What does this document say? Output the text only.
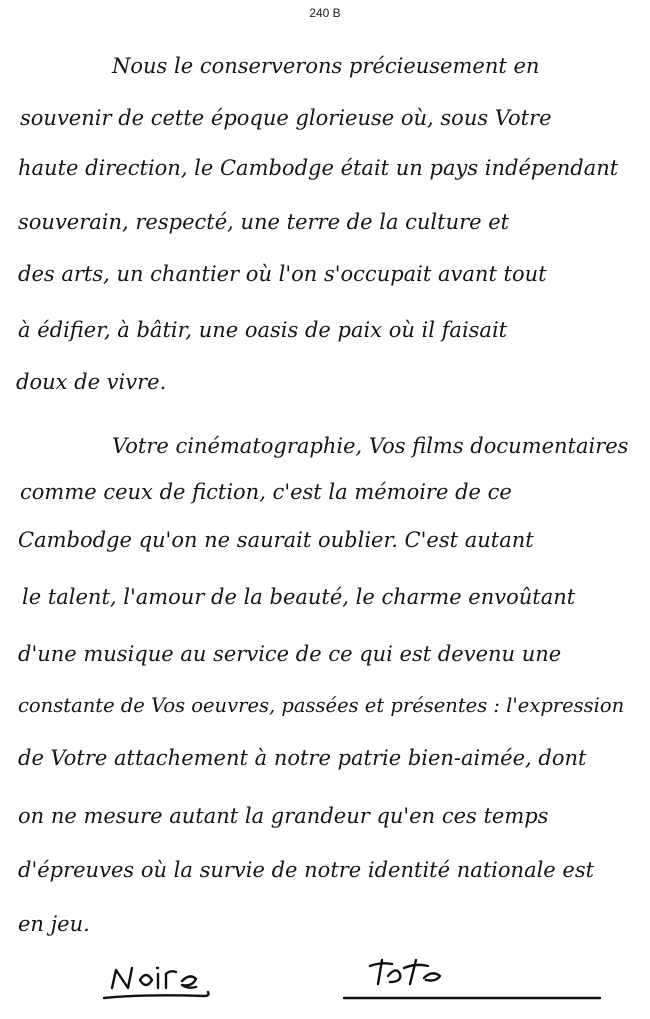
240 B
Nous le conserverons précieusement en
souvenir de cette époque glorieuse où, sous Votre
haute direction, le Cambodge était un pays indépendant
souverain, respecté, une terre de la culture et
des arts, un chantier où l'on s'occupait avant tout
à édifier, à bâtir, une oasis de paix où il faisait
doux de vivre.
Votre cinématographie, Vos films documentaires
comme ceux de fiction, c'est la mémoire de ce
Cambodge qu'on ne saurait oublier. C'est autant
le talent, l'amour de la beauté, le charme envoûtant
d'une musique au service de ce qui est devenu une
constante de Vos oeuvres, passées et présentes : l'expression
de Votre attachement à notre patrie bien-aimée, dont
on ne mesure autant la grandeur qu'en ces temps
d'épreuves où la survie de notre identité nationale est
en jeu.
